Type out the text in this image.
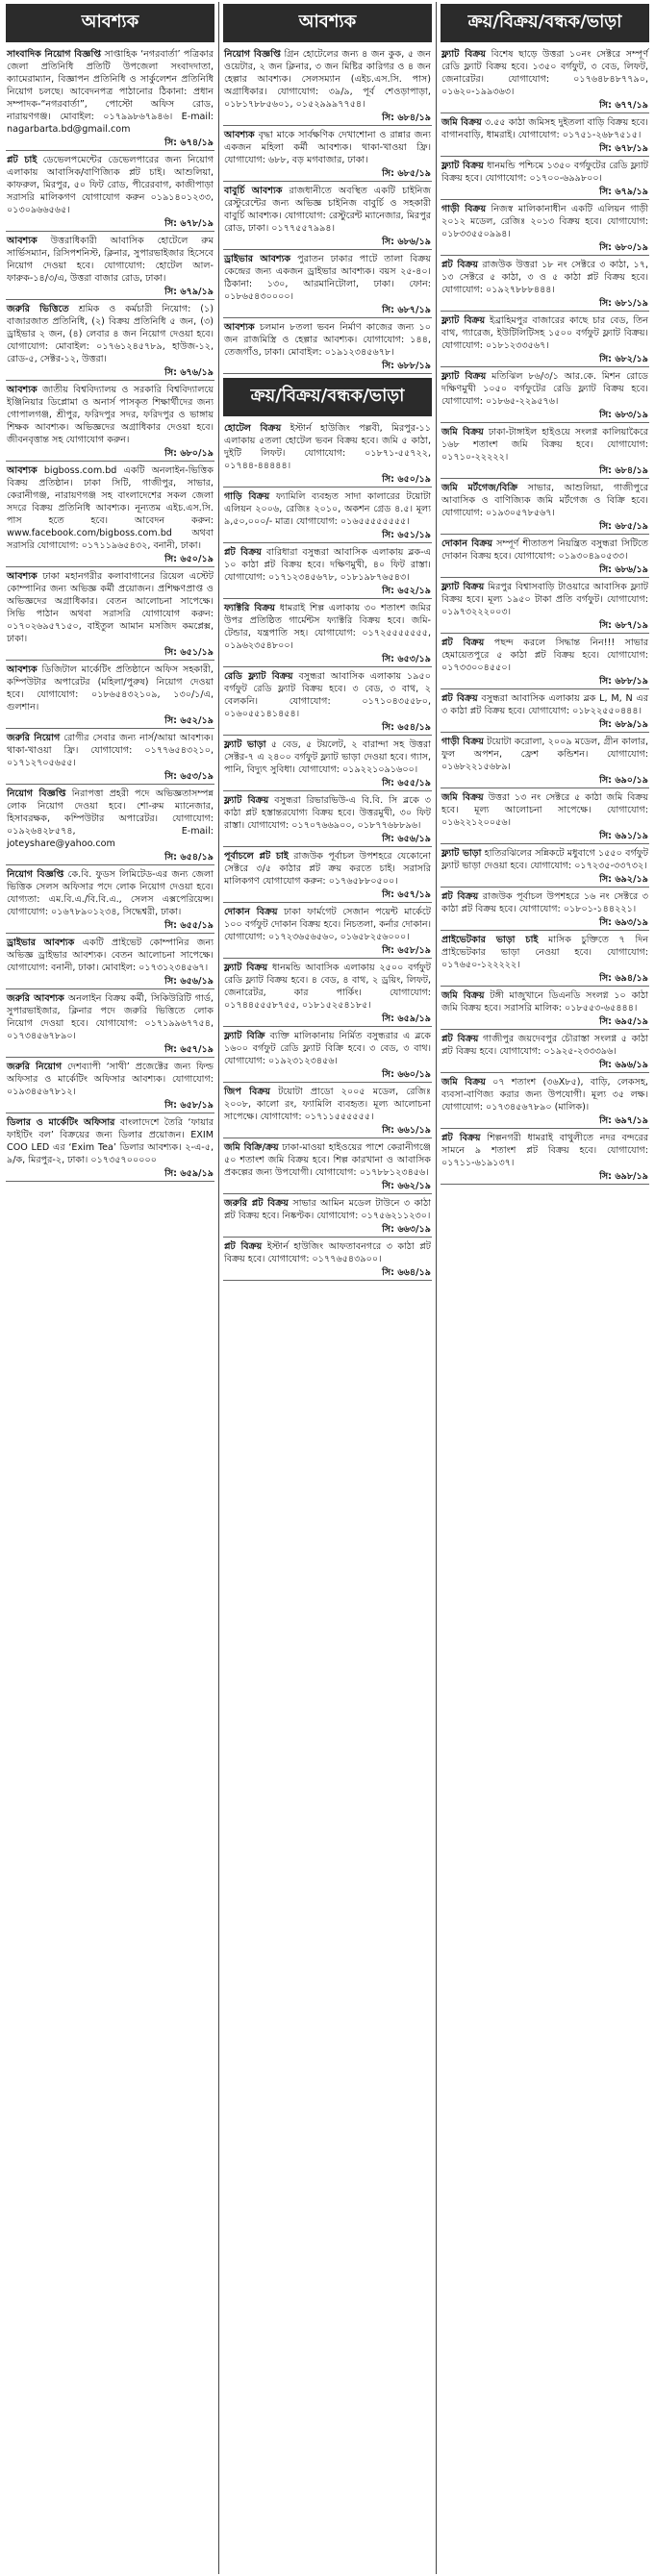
আবশ্যক
সাংবাদিক নিয়োগ বিজ্ঞপ্তি সাপ্তাহিক ‘নগরবার্তা’ পত্রিকার জেলা প্রতিনিধি প্রতিটি উপজেলা সংবাদদাতা, ক্যামেরাম্যান, বিজ্ঞাপন প্রতিনিধি ও সার্কুলেশন প্রতিনিধি নিয়োগ চলছে। আবেদনপত্র পাঠানোর ঠিকানা: প্রধান সম্পাদক-“নগরবার্তা”, পোস্টো অফিস রোড, নারায়ণগঞ্জ। মোবাইল: ০১৭৯৯৮৬৭৯৪৬। E-mail: nagarbarta.bd@gmail.com
সি: ৬৭৪/১৯
প্লট চাই ডেভেলপমেন্টের ডেভেলপারের জন্য নিয়োগ এলাকায় আবাসিক/বাণিজ্যিক প্লট চাই। আশুলিয়া, কাফরুল, মিরপুর, ৫০ ফিট রোড, পীরেরবাগ, কাজীপাড়া সরাসরি মালিকগণ যোগাযোগ করুন ০১৯১৪০১২৩৩, ০১৩০৯৬৬৫৬৫।
সি: ৬৭৮/১৯
আবশ্যক উত্তরাধিকারী আবাসিক হোটেলে রুম সার্ভিসম্যান, রিসিপশনিস্ট, ক্লিনার, সুপারভাইজার হিসেবে নিয়োগ দেওয়া হবে। যোগাযোগ: হোটেল আল-ফারুক-১৪/৩/এ, উত্তরা বাজার রোড, ঢাকা।
সি: ৬৭৯/১৯
জরুরি ভিত্তিতে শ্রমিক ও কর্মচারী নিয়োগ: (১) বাজারজাত প্রতিনিধি, (২) বিক্রয় প্রতিনিধি ৫ জন, (৩) ড্রাইভার ২ জন, (৪) লেবার ৪ জন নিয়োগ দেওয়া হবে। যোগাযোগ: মোবাইল: ০১৭৬১২৪৫৭৮৯, হাউজ-১২, রোড-৫, সেক্টর-১২, উত্তরা।
সি: ৬৭৬/১৯
আবশ্যক জাতীয় বিশ্ববিদ্যালয় ও সরকারি বিশ্ববিদ্যালয়ে ইঞ্জিনিয়ার ডিপ্লোমা ও অনার্স পাসকৃত শিক্ষার্থীদের জন্য গোপালগঞ্জ, শ্রীপুর, ফরিদপুর সদর, ফরিদপুর ও ভাঙ্গায় শিক্ষক আবশ্যক। অভিজ্ঞদের অগ্রাধিকার দেওয়া হবে। জীবনবৃত্তান্ত সহ যোগাযোগ করুন।
সি: ৬৮০/১৯
আবশ্যক bigboss.com.bd একটি অনলাইন-ভিত্তিক বিক্রয় প্রতিষ্ঠান। ঢাকা সিটি, গাজীপুর, সাভার, কেরানীগঞ্জ, নারায়ণগঞ্জ সহ বাংলাদেশের সকল জেলা সদরে বিক্রয় প্রতিনিধি আবশ্যক। নূন্যতম এইচ.এস.সি. পাস হতে হবে। আবেদন করুন: www.facebook.com/bigboss.com.bd অথবা সরাসরি যোগাযোগ: ০১৭১১৯৬৫৪৩২, বনানী, ঢাকা।
সি: ৬৫০/১৯
আবশ্যক ঢাকা মহানগরীর কলাবাগানের রিয়েল এস্টেট কোম্পানির জন্য অভিজ্ঞ কর্মী প্রয়োজন। প্রশিক্ষণপ্রাপ্ত ও অভিজ্ঞদের অগ্রাধিকার। বেতন আলোচনা সাপেক্ষে। সিভি পাঠান অথবা সরাসরি যোগাযোগ করুন: ০১৭০২৬৯৫৭১৫০, বাইতুল আমান মসজিদ কমপ্লেক্স, ঢাকা।
সি: ৬৫১/১৯
আবশ্যক ডিজিটাল মার্কেটিং প্রতিষ্ঠানে অফিস সহকারী, কম্পিউটার অপারেটর (মহিলা/পুরুষ) নিয়োগ দেওয়া হবে। যোগাযোগ: ০১৮৬৫৪৩২১০৯, ১৩০/১/এ, গুলশান।
সি: ৬৫২/১৯
জরুরি নিয়োগ রোগীর সেবার জন্য নার্স/আয়া আবশ্যক। থাকা-খাওয়া ফ্রি। যোগাযোগ: ০১৭৭৬৫৪৩২১০, ০১৭১২৭০৫৬৫৫।
সি: ৬৫৩/১৯
নিয়োগ বিজ্ঞপ্তি নিরাপত্তা প্রহরী পদে অভিজ্ঞতাসম্পন্ন লোক নিয়োগ দেওয়া হবে। শো-রুম ম্যানেজার, হিসাবরক্ষক, কম্পিউটার অপারেটর। যোগাযোগ: ০১৯২৬৪২৮৫৭৪, E-mail: joteyshare@yahoo.com
সি: ৬৫৪/১৯
নিয়োগ বিজ্ঞপ্তি কে.বি. ফুডস লিমিটেড-এর জন্য জেলা ভিত্তিক সেলস অফিসার পদে লোক নিয়োগ দেওয়া হবে। যোগ্যতা: এম.বি.এ./বি.বি.এ., সেলস এক্সপেরিয়েন্স। যোগাযোগ: ০১৬৭৮৯০১২৩৪, সিদ্ধেশ্বরী, ঢাকা।
সি: ৬৫৫/১৯
ড্রাইভার আবশ্যক একটি প্রাইভেট কোম্পানির জন্য অভিজ্ঞ ড্রাইভার আবশ্যক। বেতন আলোচনা সাপেক্ষে। যোগাযোগ: বনানী, ঢাকা। মোবাইল: ০১৭৩১২৩৪৫৬৭।
সি: ৬৫৬/১৯
জরুরি আবশ্যক অনলাইন বিক্রয় কর্মী, সিকিউরিটি গার্ড, সুপারভাইজার, ক্লিনার পদে জরুরি ভিত্তিতে লোক নিয়োগ দেওয়া হবে। যোগাযোগ: ০১৭১৯৯৬৭৭৫৪, ০১৭৩৪৫৬৭৮৯০।
সি: ৬৫৭/১৯
জরুরি নিয়োগ দেশব্যাপী ‘সাথী’ প্রজেক্টের জন্য ফিল্ড অফিসার ও মার্কেটিং অফিসার আবশ্যক। যোগাযোগ: ০১৯৩৪৫৬৭৮১২।
সি: ৬৫৮/১৯
ডিলার ও মার্কেটিং অফিসার বাংলাদেশে তৈরি ‘ফায়ার ফাইটিং বল’ বিক্রয়ের জন্য ডিলার প্রয়োজন। EXIM COO LED এর ‘Exim Tea’ ডিলার আবশ্যক। ২-এ-৫, ৯/ক, মিরপুর-২, ঢাকা। ০১৭৩৫৭০০০০০
সি: ৬৫৯/১৯
আবশ্যক
নিয়োগ বিজ্ঞপ্তি গ্রিন হোটেলের জন্য ৪ জন কুক, ৫ জন ওয়েটার, ২ জন ক্লিনার, ৩ জন মিষ্টির কারিগর ও ৪ জন হেল্পার আবশ্যক। সেলসম্যান (এইচ.এস.সি. পাস) অগ্রাধিকার। যোগাযোগ: ৩৯/৯, পূর্ব শেওড়াপাড়া, ০১৮১৭৮৮৫৬০১, ০১৫২৯৯৯৭৭৫৪।
সি: ৬৮৪/১৯
আবশ্যক বৃদ্ধা মাকে সার্বক্ষণিক দেখাশোনা ও রান্নার জন্য একজন মহিলা কর্মী আবশ্যক। থাকা-খাওয়া ফ্রি। যোগাযোগ: ৬৮৮, বড় মগবাজার, ঢাকা।
সি: ৬৮৫/১৯
বাবুর্চি আবশ্যক রাজধানীতে অবস্থিত একটি চাইনিজ রেস্টুরেন্টের জন্য অভিজ্ঞ চাইনিজ বাবুর্চি ও সহকারী বাবুর্চি আবশ্যক। যোগাযোগ: রেস্টুরেন্ট ম্যানেজার, মিরপুর রোড, ঢাকা। ০১৭৭৫৫৭৯৯৪।
সি: ৬৮৬/১৯
ড্রাইভার আবশ্যক পুরাতন ঢাকার পাটে তালা বিক্রয় কেন্দ্রের জন্য একজন ড্রাইভার আবশ্যক। বয়স ২৫-৪০। ঠিকানা: ১৩০, আরমানিটোলা, ঢাকা। ফোন: ০১৮৬৫৪৩০০০০।
সি: ৬৮৭/১৯
আবশ্যক চলমান ৮তলা ভবন নির্মাণ কাজের জন্য ১০ জন রাজমিস্ত্রি ও হেল্পার আবশ্যক। যোগাযোগ: ১৪৪, তেজগাঁও, ঢাকা। মোবাইল: ০১৯১২৩৪৫৬৭৮।
সি: ৬৮৮/১৯
ক্রয়/বিক্রয়/বন্ধক/ভাড়া
হোটেল বিক্রয় ইস্টার্ন হাউজিং পল্লবী, মিরপুর-১১ এলাকায় ৫তলা হোটেল ভবন বিক্রয় হবে। জমি ৫ কাঠা, দুইটি লিফট। যোগাযোগ: ০১৮৭১-৫৫৭২২, ০১৭৪৪-৪৪৪৪৪।
সি: ৬৫০/১৯
গাড়ি বিক্রয় ফ্যামিলি ব্যবহৃত সাদা কালারের টয়োটা এলিয়ন ২০০৬, রেজিঃ ২০১০, অকশন গ্রেড ৪.৫। মূল্য ৯,৫০,০০০/- মাত্র। যোগাযোগ: ০১৬৫৫৫৫৫৫৫৫।
সি: ৬৫১/১৯
প্লট বিক্রয় বারিধারা বসুন্ধরা আবাসিক এলাকায় ব্লক-এ ১০ কাঠা প্লট বিক্রয় হবে। দক্ষিণমুখী, ৪০ ফিট রাস্তা। যোগাযোগ: ০১৭১২৩৪৫৬৭৮, ০১৮১৯৮৭৬৫৪৩।
সি: ৬৫২/১৯
ফ্যাক্টরি বিক্রয় ধামরাই শিল্প এলাকায় ৩০ শতাংশ জমির উপর প্রতিষ্ঠিত গার্মেন্টস ফ্যাক্টরি বিক্রয় হবে। জমি-টেন্ডার, যন্ত্রপাতি সহ। যোগাযোগ: ০১৭২৫৫৫৫৫৫৫, ০১৯৬২৩৫৪৮০০।
সি: ৬৫৩/১৯
রেডি ফ্ল্যাট বিক্রয় বসুন্ধরা আবাসিক এলাকায় ১৯৫০ বর্গফুট রেডি ফ্ল্যাট বিক্রয় হবে। ৩ বেড, ৩ বাথ, ২ বেলকনি। যোগাযোগ: ০১৭১০৪৩৫৫৮০, ০১৬০৫৫১৪১৪৫৪।
সি: ৬৫৪/১৯
ফ্ল্যাট ভাড়া ৫ বেড, ৫ টয়লেট, ২ বারান্দা সহ উত্তরা সেক্টর-৭ এ ২৪০০ বর্গফুট ফ্ল্যাট ভাড়া দেওয়া হবে। গ্যাস, পানি, বিদ্যুৎ সুবিধা। যোগাযোগ: ০১৯২২১০৯১৬০০।
সি: ৬৫৫/১৯
ফ্ল্যাট বিক্রয় বসুন্ধরা রিভারভিউ-এ বি.বি. সি ব্লকে ৩ কাঠা প্লট হস্তান্তরযোগ্য বিক্রয় হবে। উত্তরমুখী, ৩০ ফিট রাস্তা। যোগাযোগ: ০১৭০৭৬৬৯০০, ০১৮৭৭৬৮৮৯৬।
সি: ৬৫৬/১৯
পূর্বাচলে প্লট চাই রাজউক পূর্বাচল উপশহরে যেকোনো সেক্টরে ৩/৫ কাঠার প্লট ক্রয় করতে চাই। সরাসরি মালিকগণ যোগাযোগ করুন: ০১৭৬৫৮৮০৫০০।
সি: ৬৫৭/১৯
দোকান বিক্রয় ঢাকা ফার্মগেট সেজান পয়েন্ট মার্কেটে ১০০ বর্গফুট দোকান বিক্রয় হবে। নিচতলা, কর্নার দোকান। যোগাযোগ: ০১৭২৩৬৫৬৫৬০, ০১৬৫৮২৫৬০০০।
সি: ৬৫৮/১৯
ফ্ল্যাট বিক্রয় ধানমন্ডি আবাসিক এলাকায় ২৫০০ বর্গফুট রেডি ফ্ল্যাট বিক্রয় হবে। ৪ বেড, ৪ বাথ, ২ ড্রয়িং, লিফট, জেনারেটর, কার পার্কিং। যোগাযোগ: ০১৭৪৪৫৫৫৮৭৫৫, ০১৮১৫২৫৪১৮৫।
সি: ৬৫৯/১৯
ফ্ল্যাট বিক্রি ব্যক্তি মালিকানায় নির্মিত বসুন্ধরার এ ব্লকে ১৬০০ বর্গফুট রেডি ফ্ল্যাট বিক্রি হবে। ৩ বেড, ৩ বাথ। যোগাযোগ: ০১৯২৩১২৩৪৫৬।
সি: ৬৬০/১৯
জিপ বিক্রয় টয়োটা প্রাডো ২০০৫ মডেল, রেজিঃ ২০০৮, কালো রং, ফ্যামিলি ব্যবহৃত। মূল্য আলোচনা সাপেক্ষে। যোগাযোগ: ০১৭১১৫৫৫৫৫৫।
সি: ৬৬১/১৯
জমি বিক্রি/ক্রয় ঢাকা-মাওয়া হাইওয়ের পাশে কেরানীগঞ্জে ৫০ শতাংশ জমি বিক্রয় হবে। শিল্প কারখানা ও আবাসিক প্রকল্পের জন্য উপযোগী। যোগাযোগ: ০১৭৮৮১২৩৪৫৬।
সি: ৬৬২/১৯
জরুরি প্লট বিক্রয় সাভার আমিন মডেল টাউনে ৩ কাঠা প্লট বিক্রয় হবে। নিষ্কণ্টক। যোগাযোগ: ০১৭৫৬২১১২৩০।
সি: ৬৬৩/১৯
প্লট বিক্রয় ইস্টার্ন হাউজিং আফতাবনগরে ৩ কাঠা প্লট বিক্রয় হবে। যোগাযোগ: ০১৭৭৬৫৪৩৯০০।
সি: ৬৬৪/১৯
ক্রয়/বিক্রয়/বন্ধক/ভাড়া
ফ্ল্যাট বিক্রয় বিশেষ ছাড়ে উত্তরা ১০নং সেক্টরে সম্পূর্ণ রেডি ফ্ল্যাট বিক্রয় হবে। ১৩৫০ বর্গফুট, ৩ বেড, লিফট, জেনারেটর। যোগাযোগ: ০১৭৬৪৮৪৮৭৭৯০, ০১৬২০-১৯৯৩৬৩।
সি: ৬৭৭/১৯
জমি বিক্রয় ৩.৫৫ কাঠা জমিসহ দুইতলা বাড়ি বিক্রয় হবে। বাগানবাড়ি, ধামরাই। যোগাযোগ: ০১৭৫১-২৬৮৭৫১৫।
সি: ৬৭৮/১৯
ফ্ল্যাট বিক্রয় ধানমন্ডি পশ্চিমে ১৩৫০ বর্গফুটের রেডি ফ্ল্যাট বিক্রয় হবে। যোগাযোগ: ০১৭০০-৬৯৯৮০০।
সি: ৬৭৯/১৯
গাড়ী বিক্রয় নিজস্ব মালিকানাধীন একটি এলিয়ন গাড়ী ২০১২ মডেল, রেজিঃ ২০১৩ বিক্রয় হবে। যোগাযোগ: ০১৮৩৩৫৫০৯৯৪।
সি: ৬৮০/১৯
প্লট বিক্রয় রাজউক উত্তরা ১৮ নং সেক্টরে ৩ কাঠা, ১৭, ১৩ সেক্টরে ৫ কাঠা, ৩ ও ৫ কাঠা প্লট বিক্রয় হবে। যোগাযোগ: ০১৯২৭৮৮৮৪৪৪।
সি: ৬৮১/১৯
ফ্ল্যাট বিক্রয় ইব্রাহিমপুর বাজারের কাছে চার বেড, তিন বাথ, গ্যারেজ, ইউটিলিটিসহ ১৫০০ বর্গফুট ফ্ল্যাট বিক্রয়। যোগাযোগ: ০১৮১২৩৩৫৬৭।
সি: ৬৮২/১৯
ফ্ল্যাট বিক্রয় মতিঝিল ৮৬/৩/১ আর.কে. মিশন রোডে দক্ষিণমুখী ১০৫০ বর্গফুটের রেডি ফ্ল্যাট বিক্রয় হবে। যোগাযোগ: ০১৮৬৫-২২৯৫৭৬।
সি: ৬৮৩/১৯
জমি বিক্রয় ঢাকা-টাঙ্গাইল হাইওয়ে সংলগ্ন কালিয়াকৈরে ১৬৮ শতাংশ জমি বিক্রয় হবে। যোগাযোগ: ০১৭১০-২২২২২।
সি: ৬৮৪/১৯
জমি মর্টগেজ/বিক্রি সাভার, আশুলিয়া, গাজীপুরে আবাসিক ও বাণিজ্যিক জমি মর্টগেজ ও বিক্রি হবে। যোগাযোগ: ০১৯৩০৫৭৮৫৬৭।
সি: ৬৮৫/১৯
দোকান বিক্রয় সম্পূর্ণ শীতাতপ নিয়ন্ত্রিত বসুন্ধরা সিটিতে দোকান বিক্রয় হবে। যোগাযোগ: ০১৯৩০৪৯০৫৩৩।
সি: ৬৮৬/১৯
ফ্ল্যাট বিক্রয় মিরপুর বিশ্বাসবাড়ি টাওয়ারে আবাসিক ফ্ল্যাট বিক্রয় হবে। মূল্য ১৯৫০ টাকা প্রতি বর্গফুট। যোগাযোগ: ০১৯৭৩২২২০০৩।
সি: ৬৮৭/১৯
প্লট বিক্রয় পছন্দ করলে সিদ্ধান্ত নিন!!! সাভার হেমায়েতপুরে ৫ কাঠা প্লট বিক্রয় হবে। যোগাযোগ: ০১৭৩৩০০৪৫৫০।
সি: ৬৮৮/১৯
প্লট বিক্রয় বসুন্ধরা আবাসিক এলাকায় ব্লক L, M, N এর ৩ কাঠা প্লট বিক্রয় হবে। যোগাযোগ: ০১৮২২৫৫০৪৪৪।
সি: ৬৮৯/১৯
গাড়ী বিক্রয় টয়োটা করোলা, ২০০৯ মডেল, গ্রীন কালার, ফুল অপশন, ফ্রেশ কন্ডিশন। যোগাযোগ: ০১৬৮২২১৫৬৮৯।
সি: ৬৯০/১৯
জমি বিক্রয় উত্তরা ১৩ নং সেক্টরে ৫ কাঠা জমি বিক্রয় হবে। মূল্য আলোচনা সাপেক্ষে। যোগাযোগ: ০১৬২২১২০০৫৬।
সি: ৬৯১/১৯
ফ্ল্যাট ভাড়া হাতিরঝিলের সন্নিকটে মধুবাগে ১৫৫০ বর্গফুট ফ্ল্যাট ভাড়া দেওয়া হবে। যোগাযোগ: ০১৭২৩৫-৩৩৭৩২।
সি: ৬৯২/১৯
প্লট বিক্রয় রাজউক পূর্বাচল উপশহরে ১৬ নং সেক্টরে ৩ কাঠা প্লট বিক্রয় হবে। যোগাযোগ: ০১৮০১-১৪৪২২১।
সি: ৬৯৩/১৯
প্রাইভেটকার ভাড়া চাই মাসিক চুক্তিতে ৭ দিন প্রাইভেটকার ভাড়া নেওয়া হবে। যোগাযোগ: ০১৭৬৫০-১২২২২২।
সি: ৬৯৪/১৯
জমি বিক্রয় টঙ্গী মাজুখানে ডিএনডি সংলগ্ন ১০ কাঠা জমি বিক্রয় হবে। সরাসরি মালিক: ০১৮৫৫৩-৬৫৪৪৪।
সি: ৬৯৫/১৯
প্লট বিক্রয় গাজীপুর জয়দেবপুর চৌরাস্তা সংলগ্ন ৫ কাঠা প্লট বিক্রয় হবে। যোগাযোগ: ০১৯২৫-২৩৩৩৯৬।
সি: ৬৯৬/১৯
জমি বিক্রয় ০৭ শতাংশ (৩৬X৮৫), বাড়ি, লেকসহ, ব্যবসা-বাণিজ্য করার জন্য উপযোগী। মূল্য ৩৫ লক্ষ। যোগাযোগ: ০১৭৩৪৫৬৭৮৯০ (মালিক)।
সি: ৬৯৭/১৯
প্লট বিক্রয় শিল্পনগরী ধামরাই বাথুলীতে নদর বন্দরের সামনে ৯ শতাংশ প্লট বিক্রয় হবে। যোগাযোগ: ০১৭১১-৬১৯১৩৭।
সি: ৬৯৮/১৯
